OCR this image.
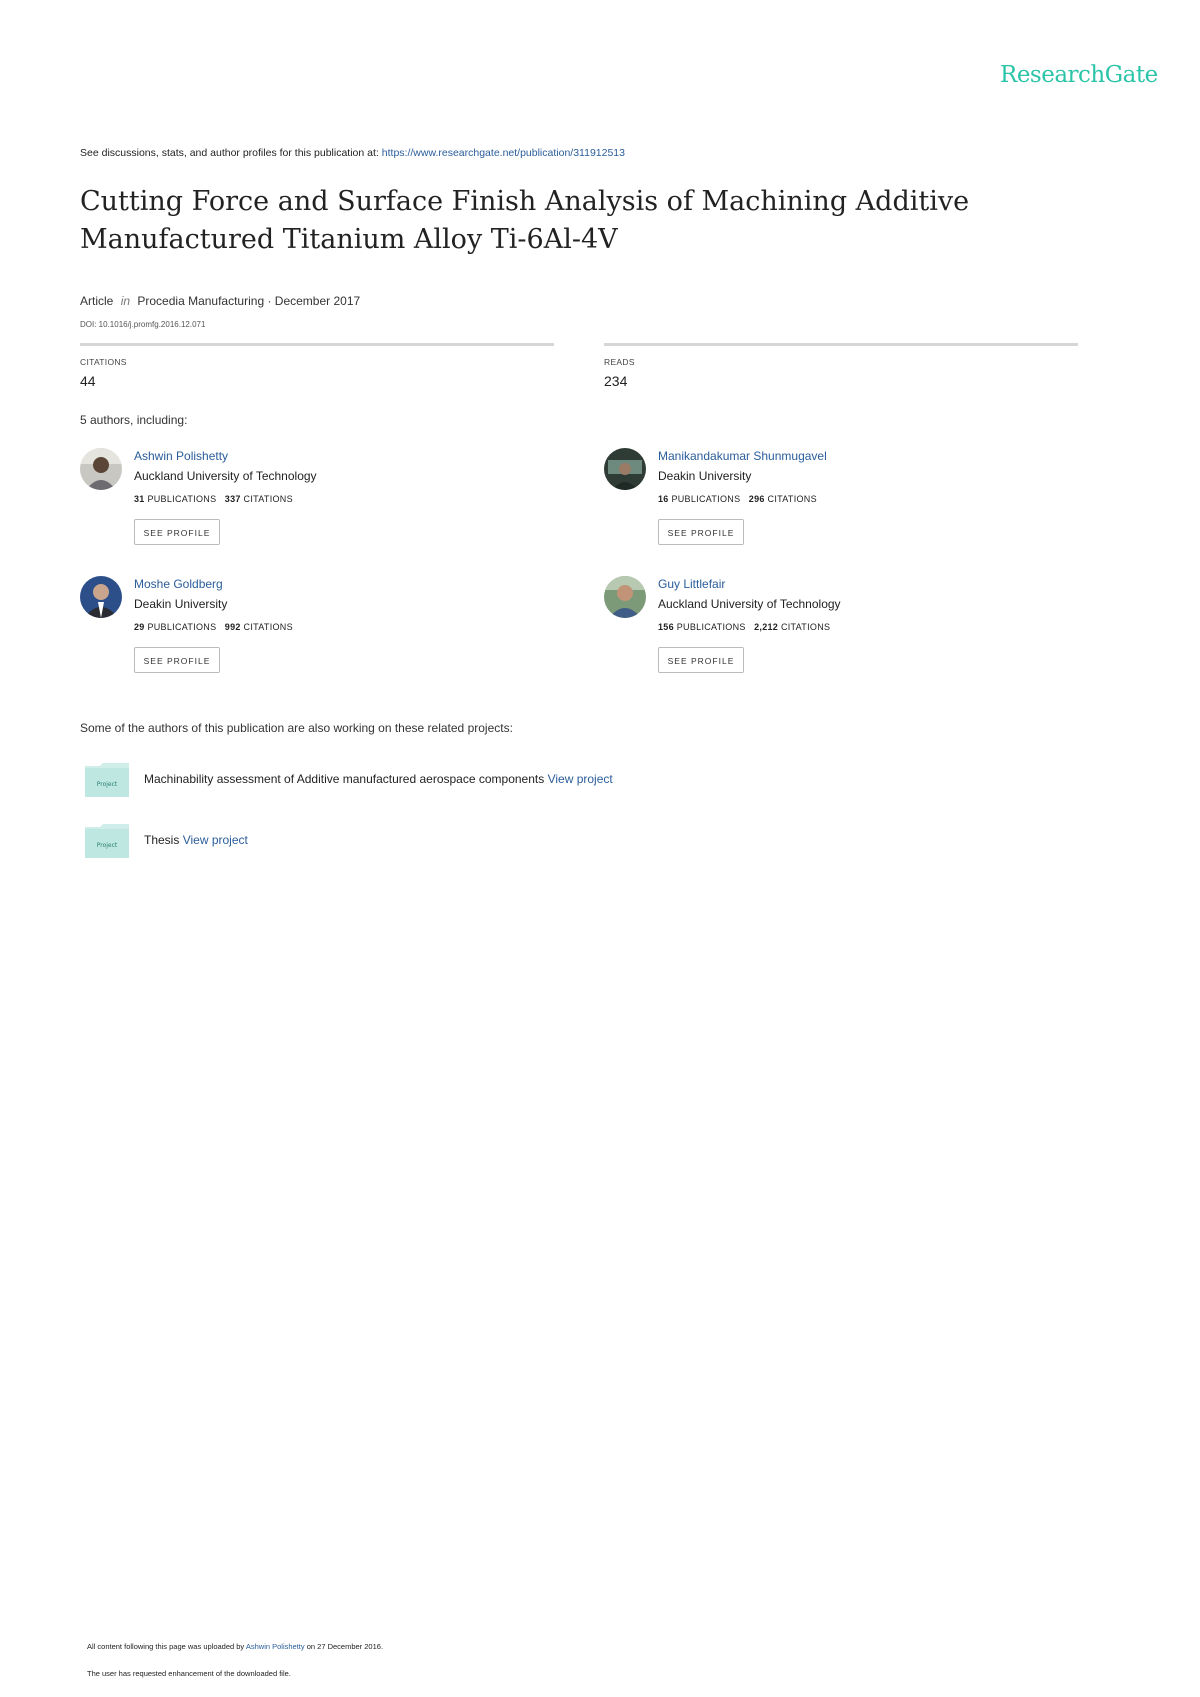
ResearchGate
See discussions, stats, and author profiles for this publication at: https://www.researchgate.net/publication/311912513
Cutting Force and Surface Finish Analysis of Machining Additive
Manufactured Titanium Alloy Ti-6Al-4V
Article in Procedia Manufacturing · December 2017
DOI: 10.1016/j.promfg.2016.12.071
CITATIONS
44
READS
234
5 authors, including:
Ashwin Polishetty
Auckland University of Technology
31 PUBLICATIONS 337 CITATIONS
SEE PROFILE
Manikandakumar Shunmugavel
Deakin University
16 PUBLICATIONS 296 CITATIONS
SEE PROFILE
Moshe Goldberg
Deakin University
29 PUBLICATIONS 992 CITATIONS
SEE PROFILE
Guy Littlefair
Auckland University of Technology
156 PUBLICATIONS 2,212 CITATIONS
SEE PROFILE
Some of the authors of this publication are also working on these related projects:
Project Machinability assessment of Additive manufactured aerospace components View project
Project Thesis View project
All content following this page was uploaded by Ashwin Polishetty on 27 December 2016.
The user has requested enhancement of the downloaded file.
